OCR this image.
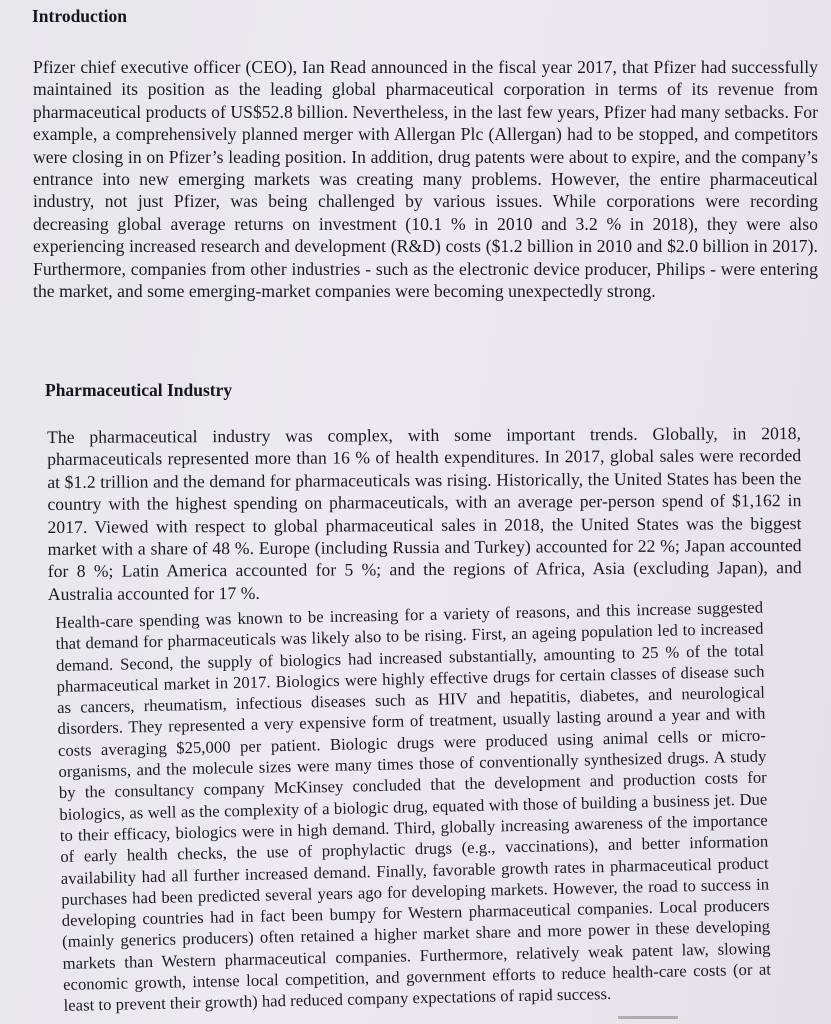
Introduction

Pfizer chief executive officer (CEO), Ian Read announced in the fiscal year 2017, that Pfizer had successfully maintained its position as the leading global pharmaceutical corporation in terms of its revenue from pharmaceutical products of US$52.8 billion. Nevertheless, in the last few years, Pfizer had many setbacks. For example, a comprehensively planned merger with Allergan Plc (Allergan) had to be stopped, and competitors were closing in on Pfizer’s leading position. In addition, drug patents were about to expire, and the company’s entrance into new emerging markets was creating many problems. However, the entire pharmaceutical industry, not just Pfizer, was being challenged by various issues. While corporations were recording decreasing global average returns on investment (10.1 % in 2010 and 3.2 % in 2018), they were also experiencing increased research and development (R&D) costs ($1.2 billion in 2010 and $2.0 billion in 2017). Furthermore, companies from other industries - such as the electronic device producer, Philips - were entering the market, and some emerging-market companies were becoming unexpectedly strong.

Pharmaceutical Industry

The pharmaceutical industry was complex, with some important trends. Globally, in 2018, pharmaceuticals represented more than 16 % of health expenditures. In 2017, global sales were recorded at $1.2 trillion and the demand for pharmaceuticals was rising. Historically, the United States has been the country with the highest spending on pharmaceuticals, with an average per-person spend of $1,162 in 2017. Viewed with respect to global pharmaceutical sales in 2018, the United States was the biggest market with a share of 48 %. Europe (including Russia and Turkey) accounted for 22 %; Japan accounted for 8 %; Latin America accounted for 5 %; and the regions of Africa, Asia (excluding Japan), and Australia accounted for 17 %.

Health-care spending was known to be increasing for a variety of reasons, and this increase suggested that demand for pharmaceuticals was likely also to be rising. First, an ageing population led to increased demand. Second, the supply of biologics had increased substantially, amounting to 25 % of the total pharmaceutical market in 2017. Biologics were highly effective drugs for certain classes of disease such as cancers, rheumatism, infectious diseases such as HIV and hepatitis, diabetes, and neurological disorders. They represented a very expensive form of treatment, usually lasting around a year and with costs averaging $25,000 per patient. Biologic drugs were produced using animal cells or micro-organisms, and the molecule sizes were many times those of conventionally synthesized drugs. A study by the consultancy company McKinsey concluded that the development and production costs for biologics, as well as the complexity of a biologic drug, equated with those of building a business jet. Due to their efficacy, biologics were in high demand. Third, globally increasing awareness of the importance of early health checks, the use of prophylactic drugs (e.g., vaccinations), and better information availability had all further increased demand. Finally, favorable growth rates in pharmaceutical product purchases had been predicted several years ago for developing markets. However, the road to success in developing countries had in fact been bumpy for Western pharmaceutical companies. Local producers (mainly generics producers) often retained a higher market share and more power in these developing markets than Western pharmaceutical companies. Furthermore, relatively weak patent law, slowing economic growth, intense local competition, and government efforts to reduce health-care costs (or at least to prevent their growth) had reduced company expectations of rapid success.
